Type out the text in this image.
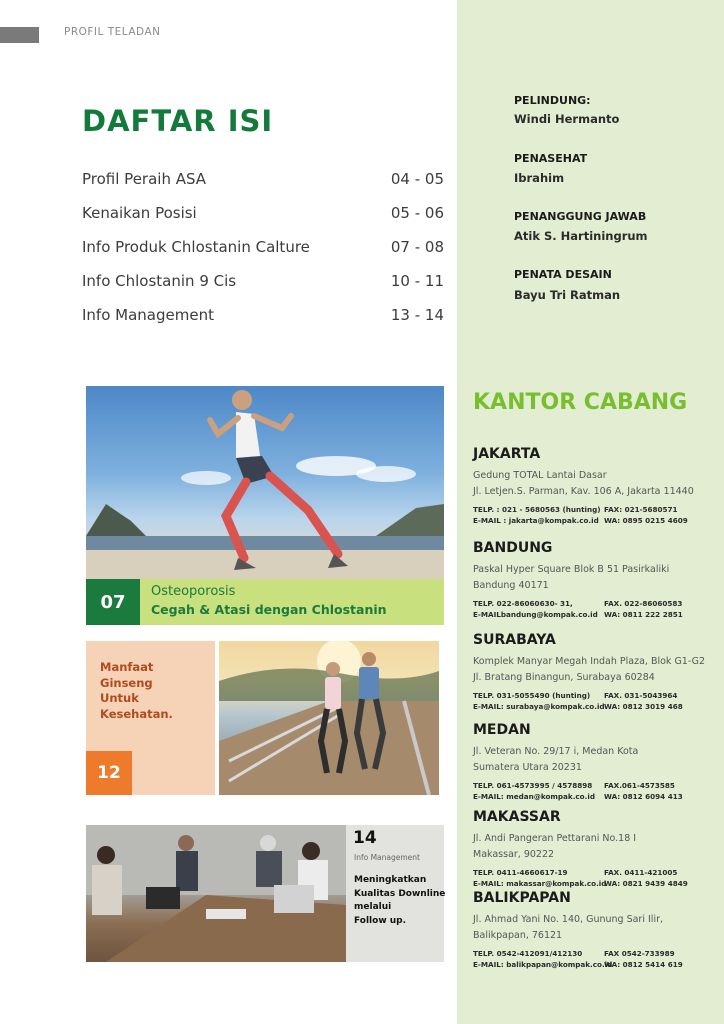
PROFIL TELADAN
DAFTAR ISI
Profil Peraih ASA	04 - 05
Kenaikan Posisi	05 - 06
Info Produk Chlostanin Calture	07 - 08
Info Chlostanin 9 Cis	10 - 11
Info Management	13 - 14
PELINDUNG:
Windi Hermanto
PENASEHAT
Ibrahim
PENANGGUNG JAWAB
Atik S. Hartiningrum
PENATA DESAIN
Bayu Tri Ratman
KANTOR CABANG
JAKARTA
Gedung TOTAL Lantai Dasar
Jl. Letjen.S. Parman, Kav. 106 A, Jakarta 11440
TELP. : 021 - 5680563 (hunting) FAX: 021-5680571
E-MAIL : jakarta@kompak.co.id WA: 0895 0215 4609
BANDUNG
Paskal Hyper Square Blok B 51 Pasirkaliki
Bandung 40171
TELP. 022-86060630- 31,	FAX. 022-86060583
E-MAILbandung@kompak.co.id WA: 0811 222 2851
SURABAYA
Komplek Manyar Megah Indah Plaza, Blok G1-G2
Jl. Bratang Binangun, Surabaya 60284
TELP. 031-5055490 (hunting)	FAX. 031-5043964
E-MAIL: surabaya@kompak.co.id WA: 0812 3019 468
MEDAN
Jl. Veteran No. 29/17 i, Medan Kota
Sumatera Utara 20231
TELP. 061-4573995 / 4578898	FAX.061-4573585
E-MAIL: medan@kompak.co.id	WA: 0812 6094 413
MAKASSAR
Jl. Andi Pangeran Pettarani No.18 I
Makassar, 90222
TELP. 0411-4660617-19	FAX. 0411-421005
E-MAIL: makassar@kompak.co.id
WA: 0821 9439 4849
BALIKPAPAN
Jl. Ahmad Yani No. 140, Gunung Sari Ilir,
Balikpapan, 76121
TELP. 0542-412091/412130	FAX 0542-733989
E-MAIL: balikpapan@kompak.co.id
WA: 0812 5414 619
07	Osteoporosis
Cegah & Atasi dengan Chlostanin
Manfaat
Ginseng
Untuk
Kesehatan.
12
14
Info Management
Meningkatkan
Kualitas Downline
melalui
Follow up.
